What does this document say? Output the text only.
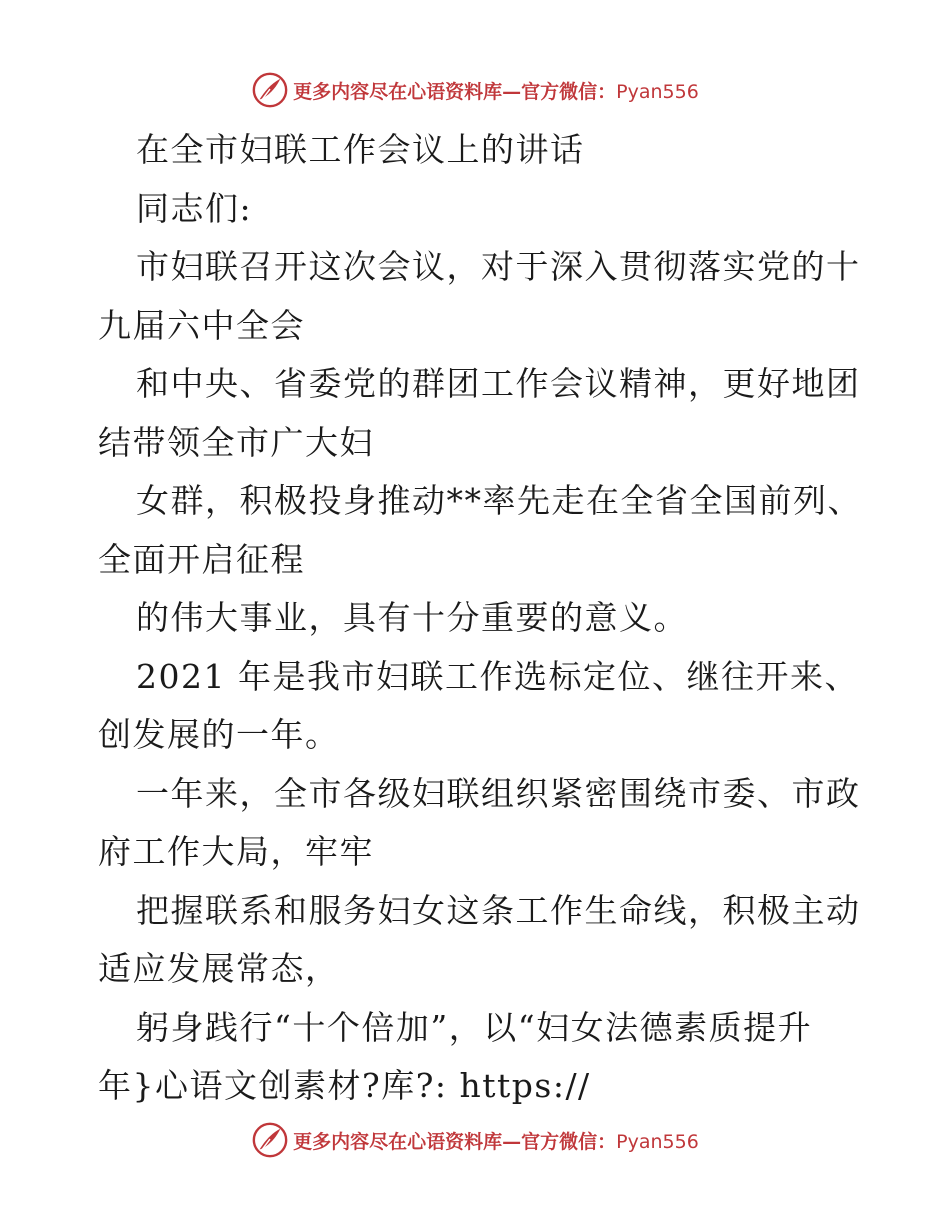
更多内容尽在心语资料库—官方微信：Pyan556
在全市妇联工作会议上的讲话
同志们:
市妇联召开这次会议，对于深入贯彻落实党的十
九届六中全会
和中央、省委党的群团工作会议精神，更好地团
结带领全市广大妇
女群，积极投身推动**率先走在全省全国前列、
全面开启征程
的伟大事业，具有十分重要的意义。
2021 年是我市妇联工作选标定位、继往开来、
创发展的一年。
一年来，全市各级妇联组织紧密围绕市委、市政
府工作大局，牢牢
把握联系和服务妇女这条工作生命线，积极主动
适应发展常态，
躬身践行“十个倍加”，以“妇女法德素质提升
年}心语文创素材?库?: https://
更多内容尽在心语资料库—官方微信：Pyan556
